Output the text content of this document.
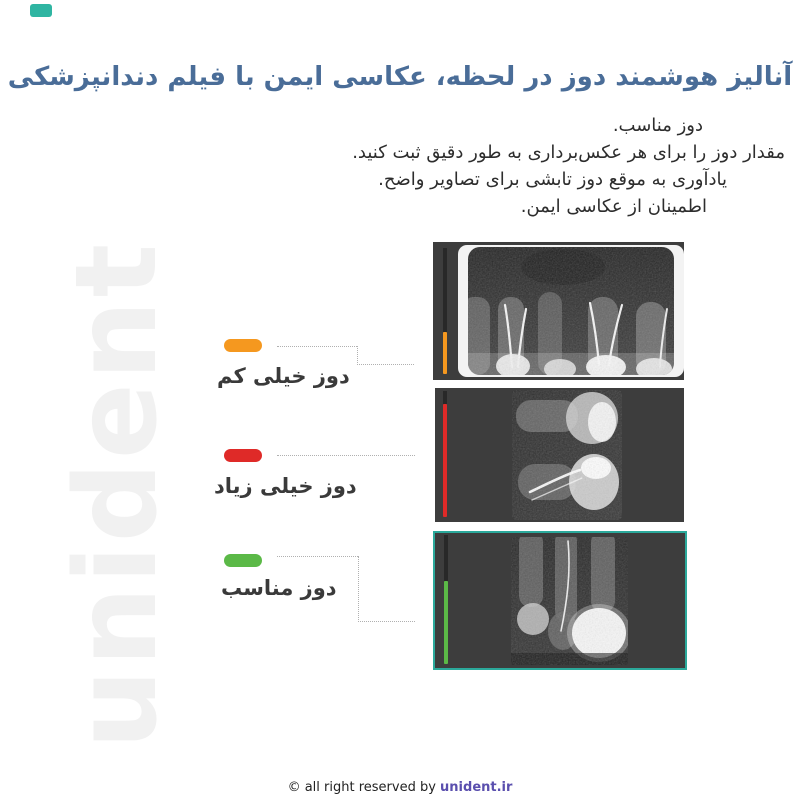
آنالیز هوشمند دوز در لحظه، عکاسی ایمن با فیلم دندانپزشکی

دوز مناسب.

مقدار دوز را برای هر عکس‌برداری به طور دقیق ثبت کنید.

یادآوری به موقع دوز تابشی برای تصاویر واضح.

اطمینان از عکاسی ایمن.

unident دوز خیلی کم
دوز خیلی زیاد
دوز مناسب
© all right reserved by unident.ir
